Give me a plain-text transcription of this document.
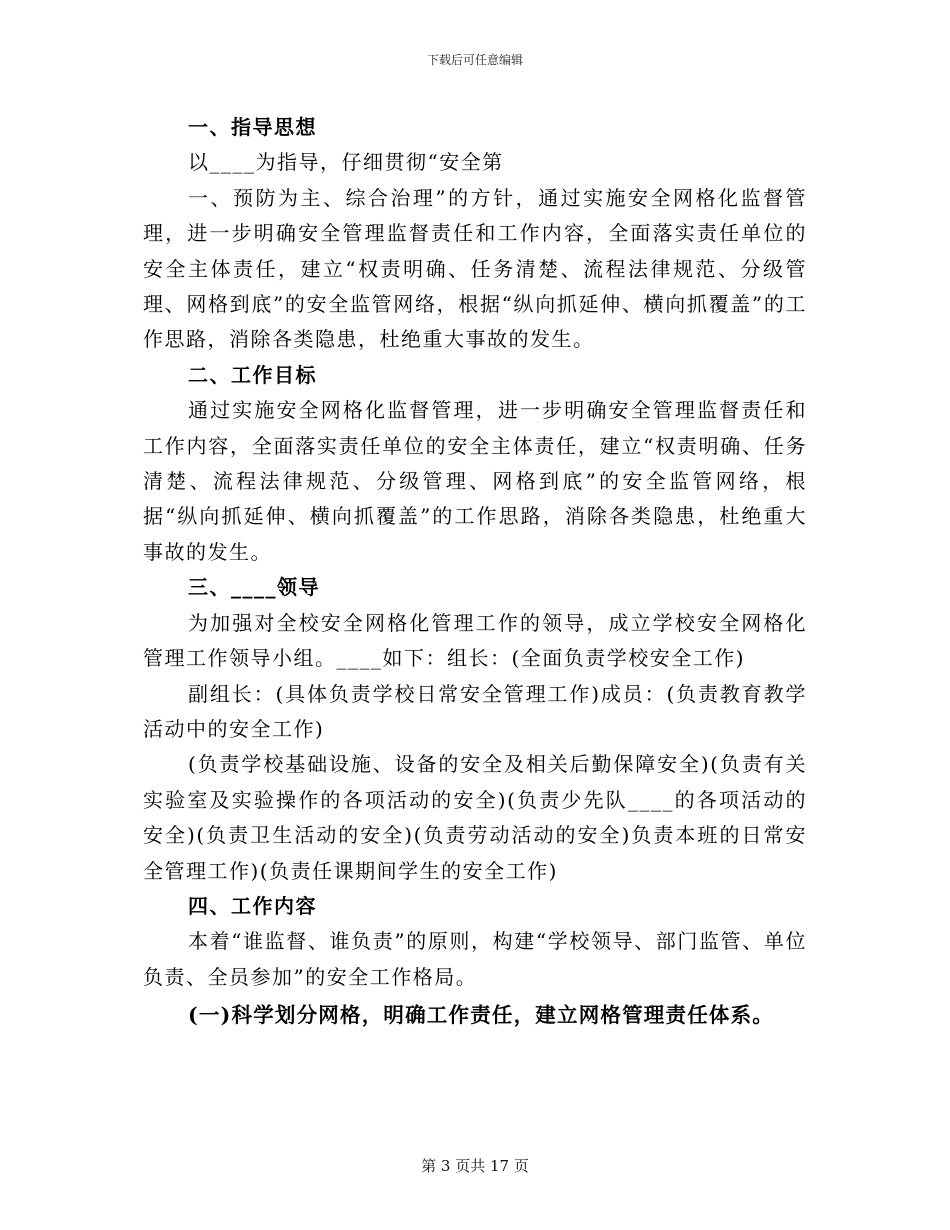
下载后可任意编辑

一、指导思想

以____为指导，仔细贯彻“安全第

一、预防为主、综合治理”的方针，通过实施安全网格化监督管理，进一步明确安全管理监督责任和工作内容，全面落实责任单位的安全主体责任，建立“权责明确、任务清楚、流程法律规范、分级管理、网格到底”的安全监管网络，根据“纵向抓延伸、横向抓覆盖”的工作思路，消除各类隐患，杜绝重大事故的发生。

二、工作目标

通过实施安全网格化监督管理，进一步明确安全管理监督责任和工作内容，全面落实责任单位的安全主体责任，建立“权责明确、任务清楚、流程法律规范、分级管理、网格到底”的安全监管网络，根据“纵向抓延伸、横向抓覆盖”的工作思路，消除各类隐患，杜绝重大事故的发生。

三、____领导

为加强对全校安全网格化管理工作的领导，成立学校安全网格化管理工作领导小组。____如下：组长：(全面负责学校安全工作)

副组长：(具体负责学校日常安全管理工作)成员：(负责教育教学活动中的安全工作)

(负责学校基础设施、设备的安全及相关后勤保障安全)(负责有关实验室及实验操作的各项活动的安全)(负责少先队____的各项活动的安全)(负责卫生活动的安全)(负责劳动活动的安全)负责本班的日常安全管理工作)(负责任课期间学生的安全工作)

四、工作内容

本着“谁监督、谁负责”的原则，构建“学校领导、部门监管、单位负责、全员参加”的安全工作格局。

(一)科学划分网格，明确工作责任，建立网格管理责任体系。

第 3 页共 17 页
